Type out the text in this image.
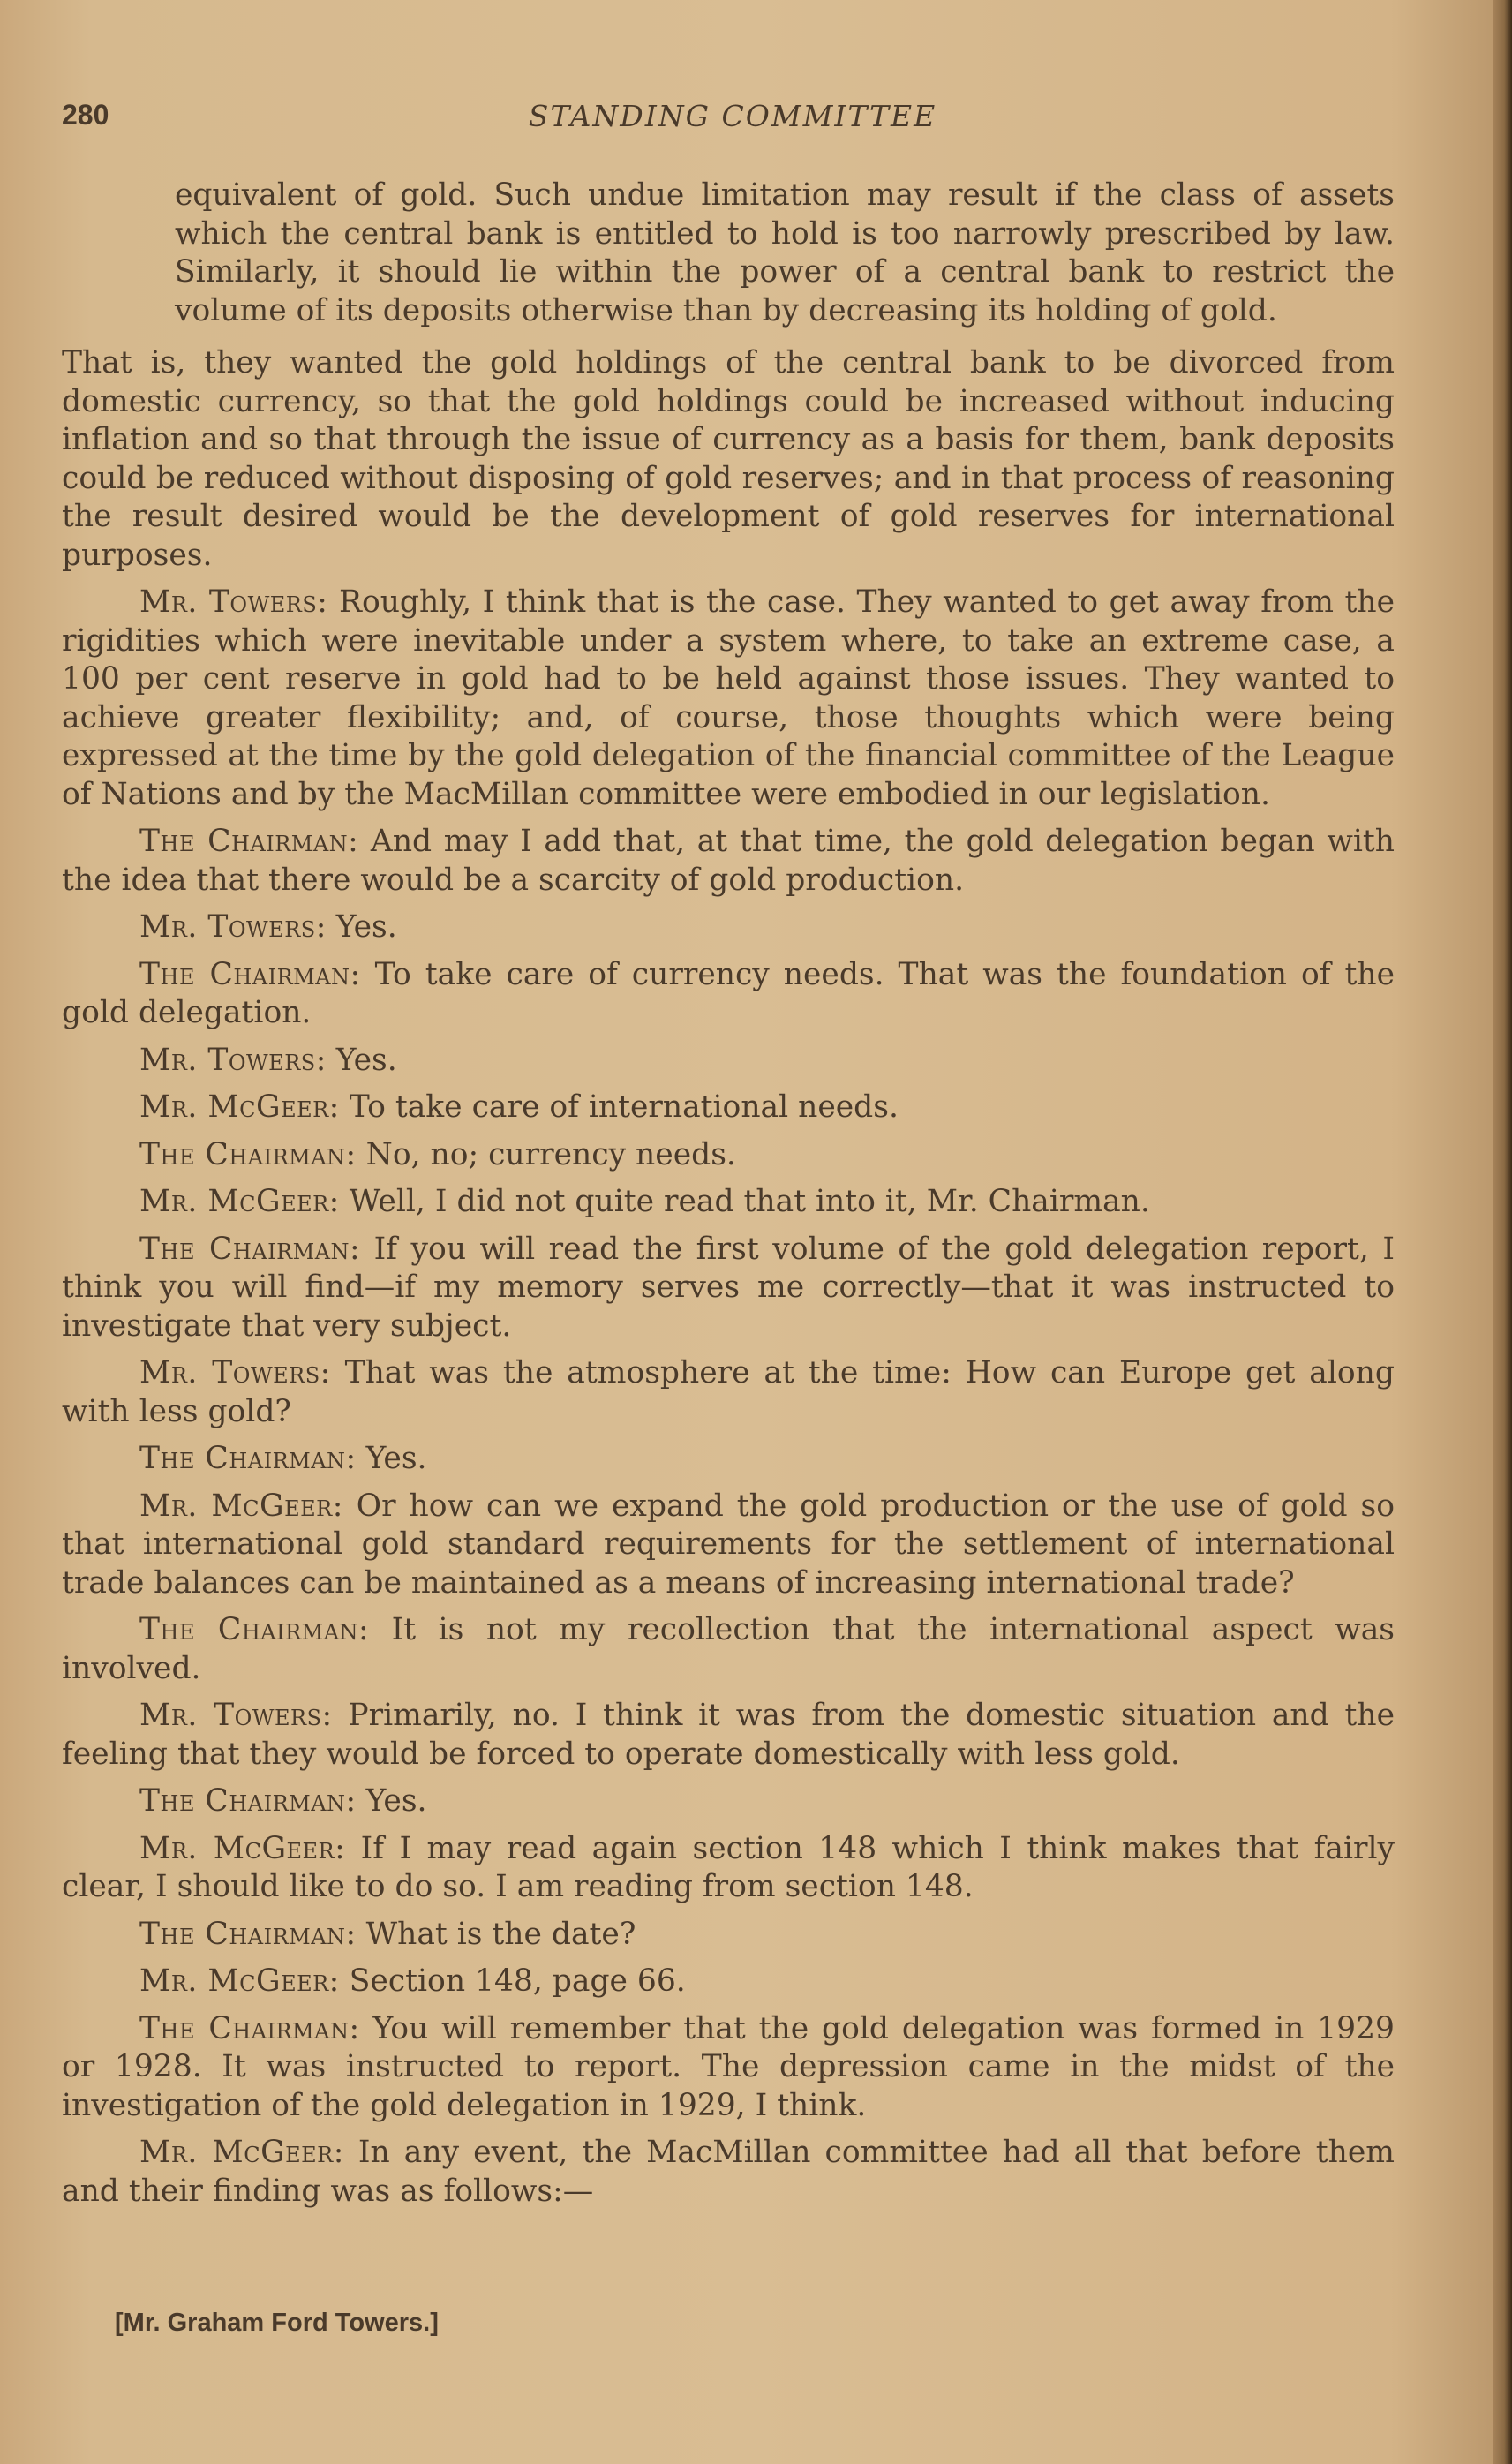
280	STANDING COMMITTEE
equivalent of gold. Such undue limitation may result if the class of assets which the central bank is entitled to hold is too narrowly prescribed by law. Similarly, it should lie within the power of a central bank to restrict the volume of its deposits otherwise than by decreasing its holding of gold.

That is, they wanted the gold holdings of the central bank to be divorced from domestic currency, so that the gold holdings could be increased without inducing inflation and so that through the issue of currency as a basis for them, bank deposits could be reduced without disposing of gold reserves; and in that process of reasoning the result desired would be the development of gold reserves for international purposes.

Mr. Towers: Roughly, I think that is the case. They wanted to get away from the rigidities which were inevitable under a system where, to take an extreme case, a 100 per cent reserve in gold had to be held against those issues. They wanted to achieve greater flexibility; and, of course, those thoughts which were being expressed at the time by the gold delegation of the financial committee of the League of Nations and by the MacMillan committee were embodied in our legislation.

The Chairman: And may I add that, at that time, the gold delegation began with the idea that there would be a scarcity of gold production.

Mr. Towers: Yes.

The Chairman: To take care of currency needs. That was the foundation of the gold delegation.

Mr. Towers: Yes.

Mr. McGeer: To take care of international needs.

The Chairman: No, no; currency needs.

Mr. McGeer: Well, I did not quite read that into it, Mr. Chairman.

The Chairman: If you will read the first volume of the gold delegation report, I think you will find—if my memory serves me correctly—that it was instructed to investigate that very subject.

Mr. Towers: That was the atmosphere at the time: How can Europe get along with less gold?

The Chairman: Yes.

Mr. McGeer: Or how can we expand the gold production or the use of gold so that international gold standard requirements for the settlement of international trade balances can be maintained as a means of increasing international trade?

The Chairman: It is not my recollection that the international aspect was involved.

Mr. Towers: Primarily, no. I think it was from the domestic situation and the feeling that they would be forced to operate domestically with less gold.

The Chairman: Yes.

Mr. McGeer: If I may read again section 148 which I think makes that fairly clear, I should like to do so. I am reading from section 148.

The Chairman: What is the date?

Mr. McGeer: Section 148, page 66.

The Chairman: You will remember that the gold delegation was formed in 1929 or 1928. It was instructed to report. The depression came in the midst of the investigation of the gold delegation in 1929, I think.

Mr. McGeer: In any event, the MacMillan committee had all that before them and their finding was as follows:—

[Mr. Graham Ford Towers.]
